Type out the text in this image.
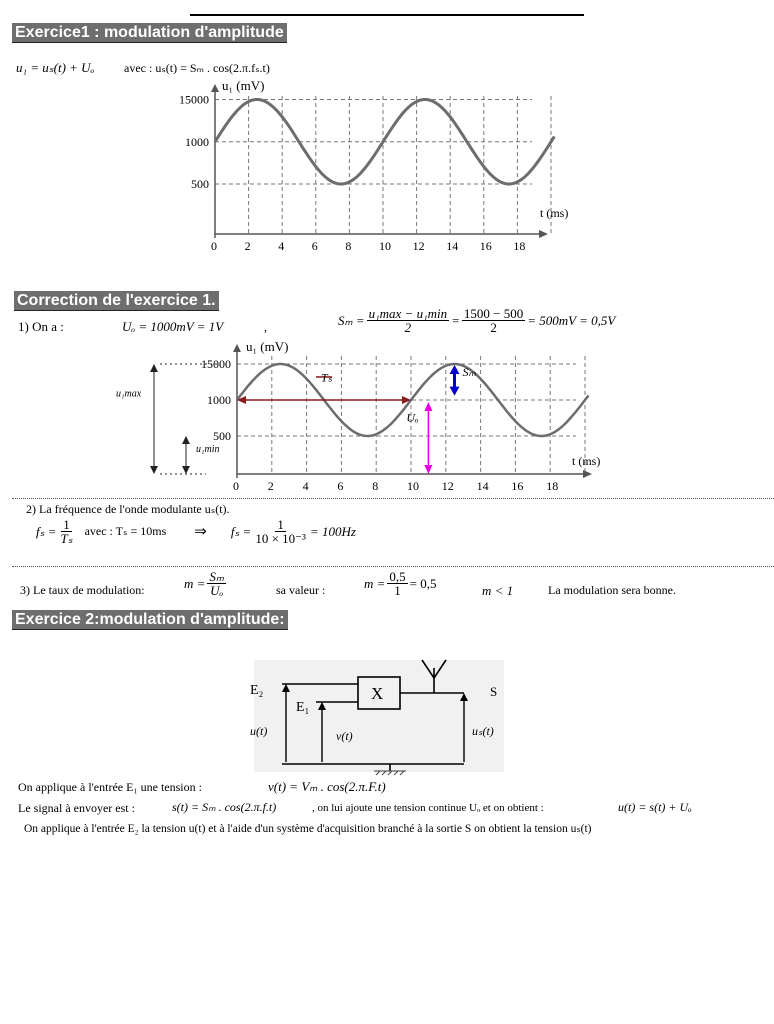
Exercice1 : modulation d'amplitude
u₁ = uₛ(t) + Uₒ avec : uₛ(t) = Sₘ . cos(2.π.fₛ.t)
0 2 4 6 8 10 12 14 16 18
500
1000
15000
u₁ (mV)
t (ms)
Correction de l'exercice 1.
1) On a :	Uₒ = 1000mV = 1V	,	$S_m = \frac{\text{u₁max − u₁min}}{2} = \frac{1500 - 500}{2} = 500mV = 0,5V$
0 2 4 6 8 10 12 14 16 18
500
1000
15000
u₁ (mV)
t (ms)
Tₛ	Sₘ
Uₒ
u₁max
u₁min
2) La fréquence de l'onde modulante uₛ(t).
$f_s = \frac{1}{\text{Tₛ}}$ avec : Tₛ = 10ms ⇒ $f_s = \frac{1}{\text{10 × 10⁻³}} = 100Hz$
3) Le taux de modulation:	$m = \frac{\text{Sₘ}}{\text{Uₒ}}$	sa valeur :	$m = \frac{0,5}{1} = 0,5$	m < 1	La modulation sera bonne.
Exercice 2:modulation d'amplitude:
E₂
E₁
X	S
u(t)	v(t)	uₛ(t)
On applique à l'entrée E₁ une tension :	v(t) = Vₘ . cos(2.π.F.t)
Le signal à envoyer est :	s(t) = Sₘ . cos(2.π.f.t)	, on lui ajoute une tension continue Uₒ et on obtient :	u(t) = s(t) + Uₒ
On applique à l'entrée E₂ la tension u(t) et à l'aide d'un système d'acquisition branché à la sortie S on obtient la tension uₛ(t)
